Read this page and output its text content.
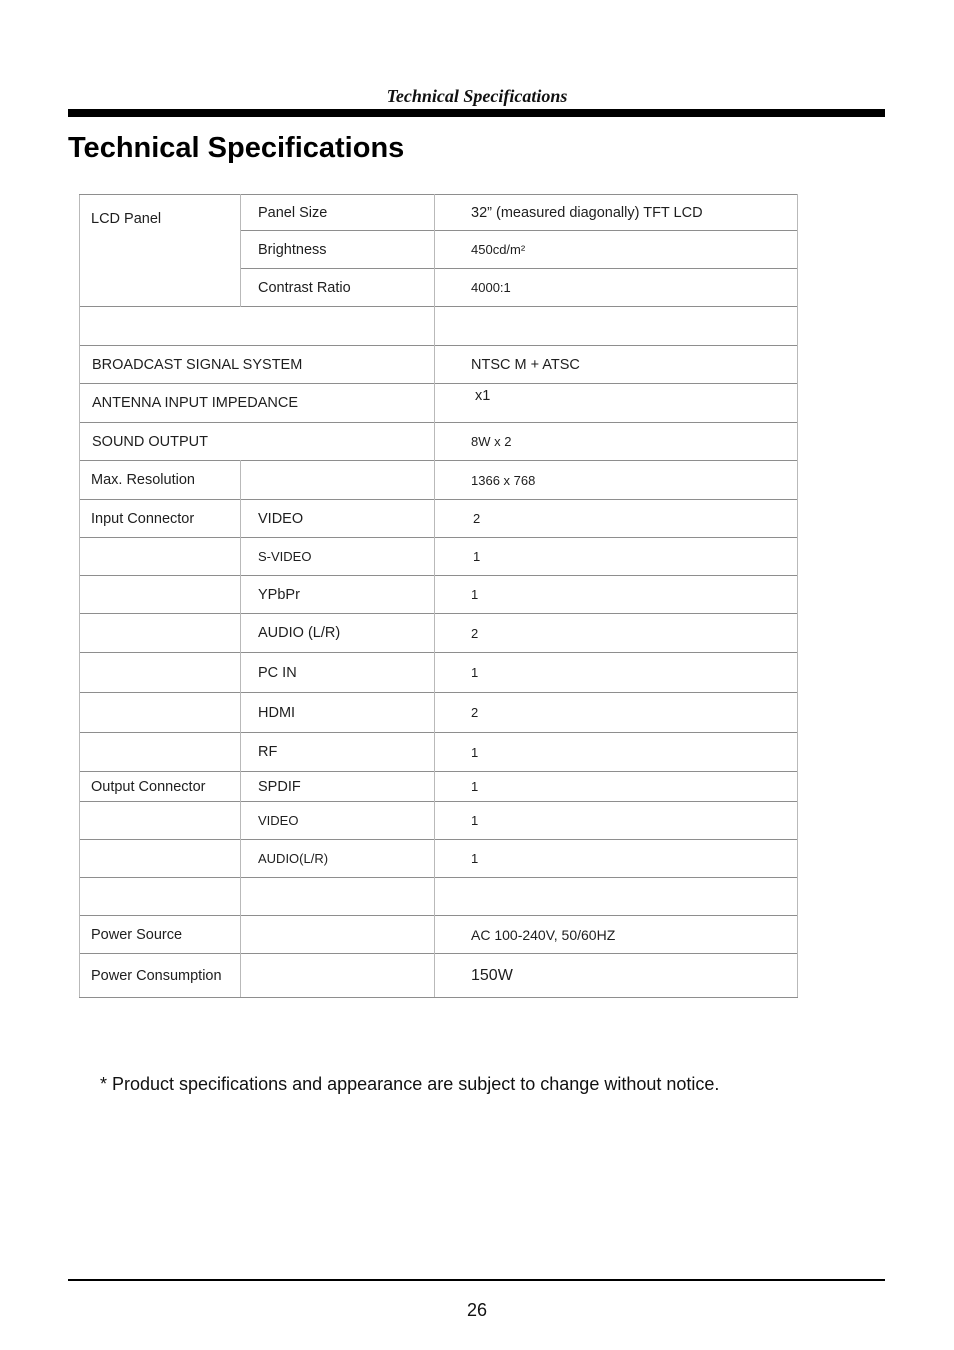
Technical Specifications
Technical Specifications
LCD Panel	Panel Size	32” (measured diagonally) TFT LCD
	Brightness	450cd/m²
	Contrast Ratio	4000:1

BROADCAST SIGNAL SYSTEM		NTSC M + ATSC
ANTENNA INPUT IMPEDANCE		x1
SOUND OUTPUT		8W x 2
Max. Resolution		1366 x 768
Input Connector	VIDEO	2
	S-VIDEO	1
	YPbPr	1
	AUDIO (L/R)	2
	PC IN	1
	HDMI	2
	RF	1
Output Connector	SPDIF	1
	VIDEO	1
	AUDIO(L/R)	1

Power Source		AC 100-240V, 50/60HZ
Power Consumption		150W
* Product specifications and appearance are subject to change without notice.
26
